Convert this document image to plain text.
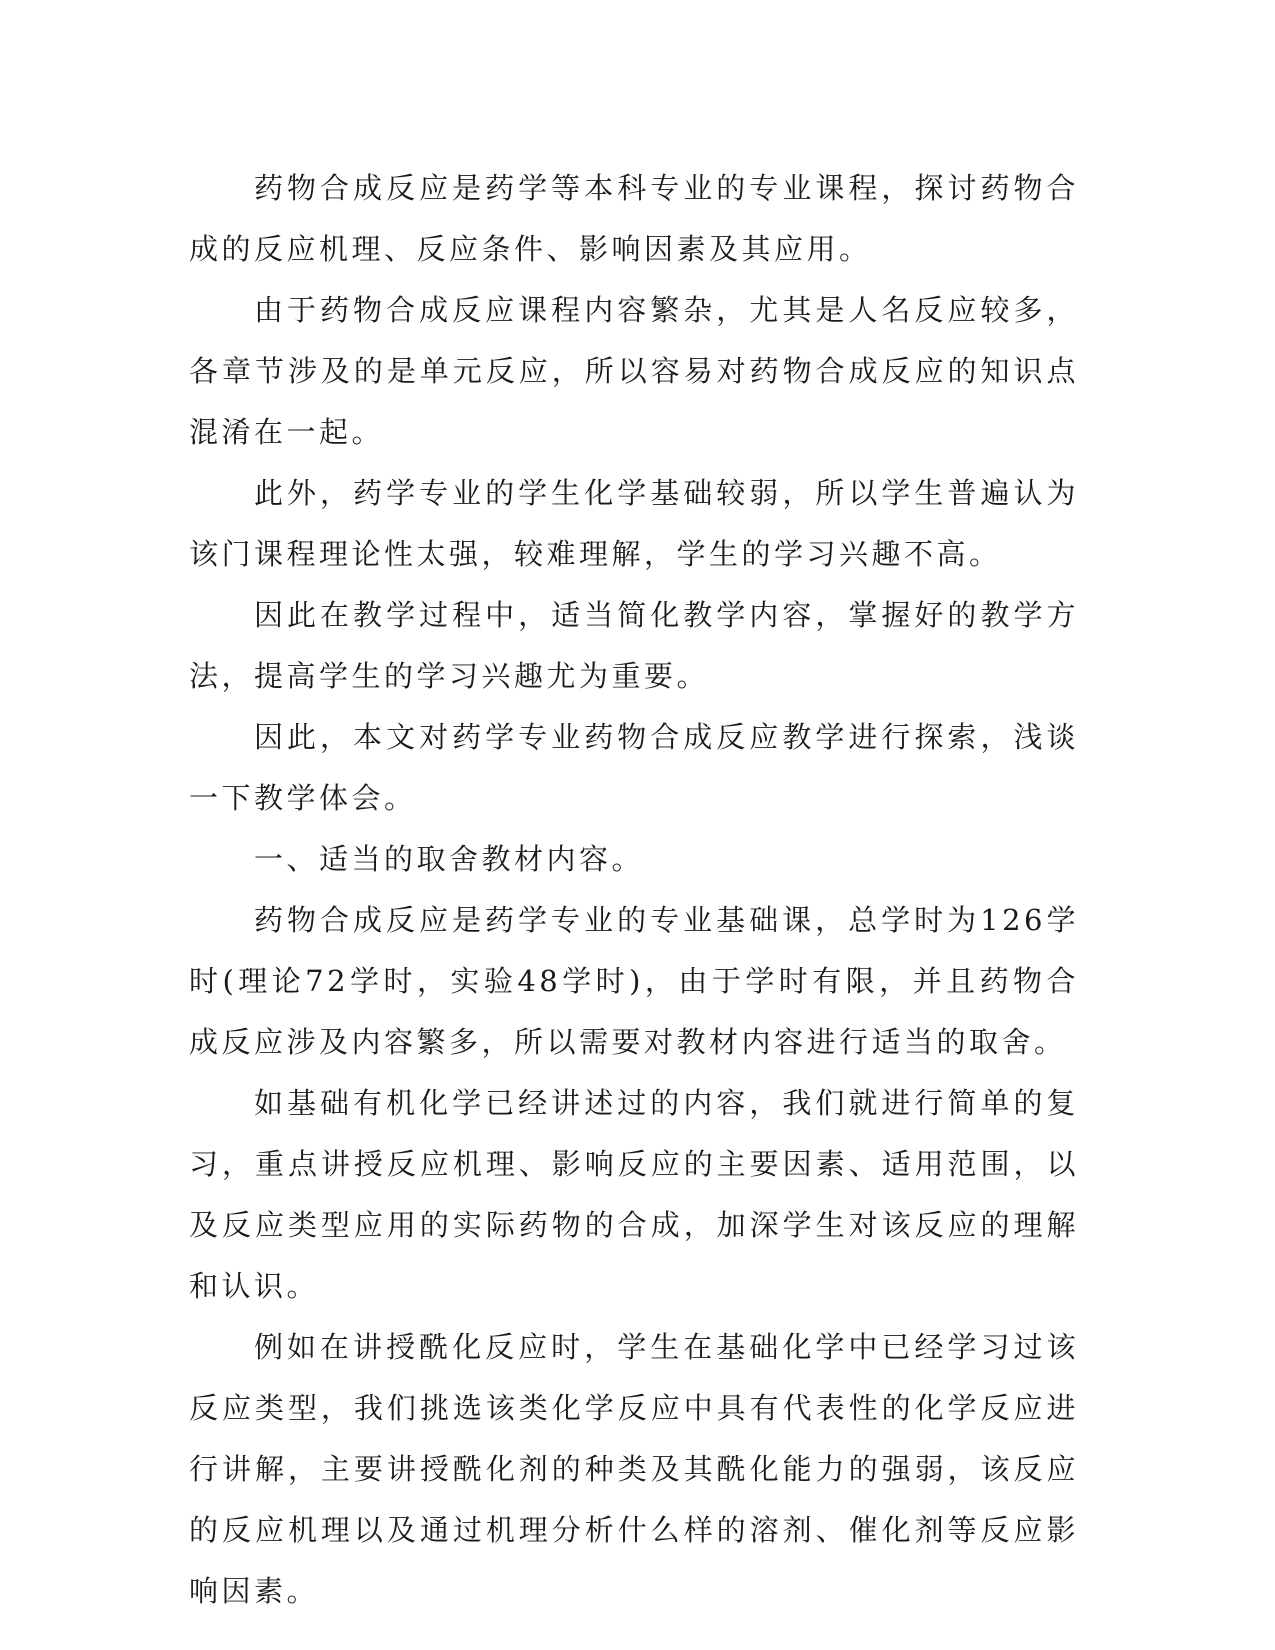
药物合成反应是药学等本科专业的专业课程，探讨药物合成的反应机理、反应条件、影响因素及其应用。

由于药物合成反应课程内容繁杂，尤其是人名反应较多，各章节涉及的是单元反应，所以容易对药物合成反应的知识点混淆在一起。

此外，药学专业的学生化学基础较弱，所以学生普遍认为该门课程理论性太强，较难理解，学生的学习兴趣不高。

因此在教学过程中，适当简化教学内容，掌握好的教学方法，提高学生的学习兴趣尤为重要。

因此，本文对药学专业药物合成反应教学进行探索，浅谈一下教学体会。

一、适当的取舍教材内容。

药物合成反应是药学专业的专业基础课，总学时为126学时(理论72学时，实验48学时)，由于学时有限，并且药物合成反应涉及内容繁多，所以需要对教材内容进行适当的取舍。

如基础有机化学已经讲述过的内容，我们就进行简单的复习，重点讲授反应机理、影响反应的主要因素、适用范围，以及反应类型应用的实际药物的合成，加深学生对该反应的理解和认识。

例如在讲授酰化反应时，学生在基础化学中已经学习过该反应类型，我们挑选该类化学反应中具有代表性的化学反应进行讲解，主要讲授酰化剂的种类及其酰化能力的强弱，该反应的反应机理以及通过机理分析什么样的溶剂、催化剂等反应影响因素。
